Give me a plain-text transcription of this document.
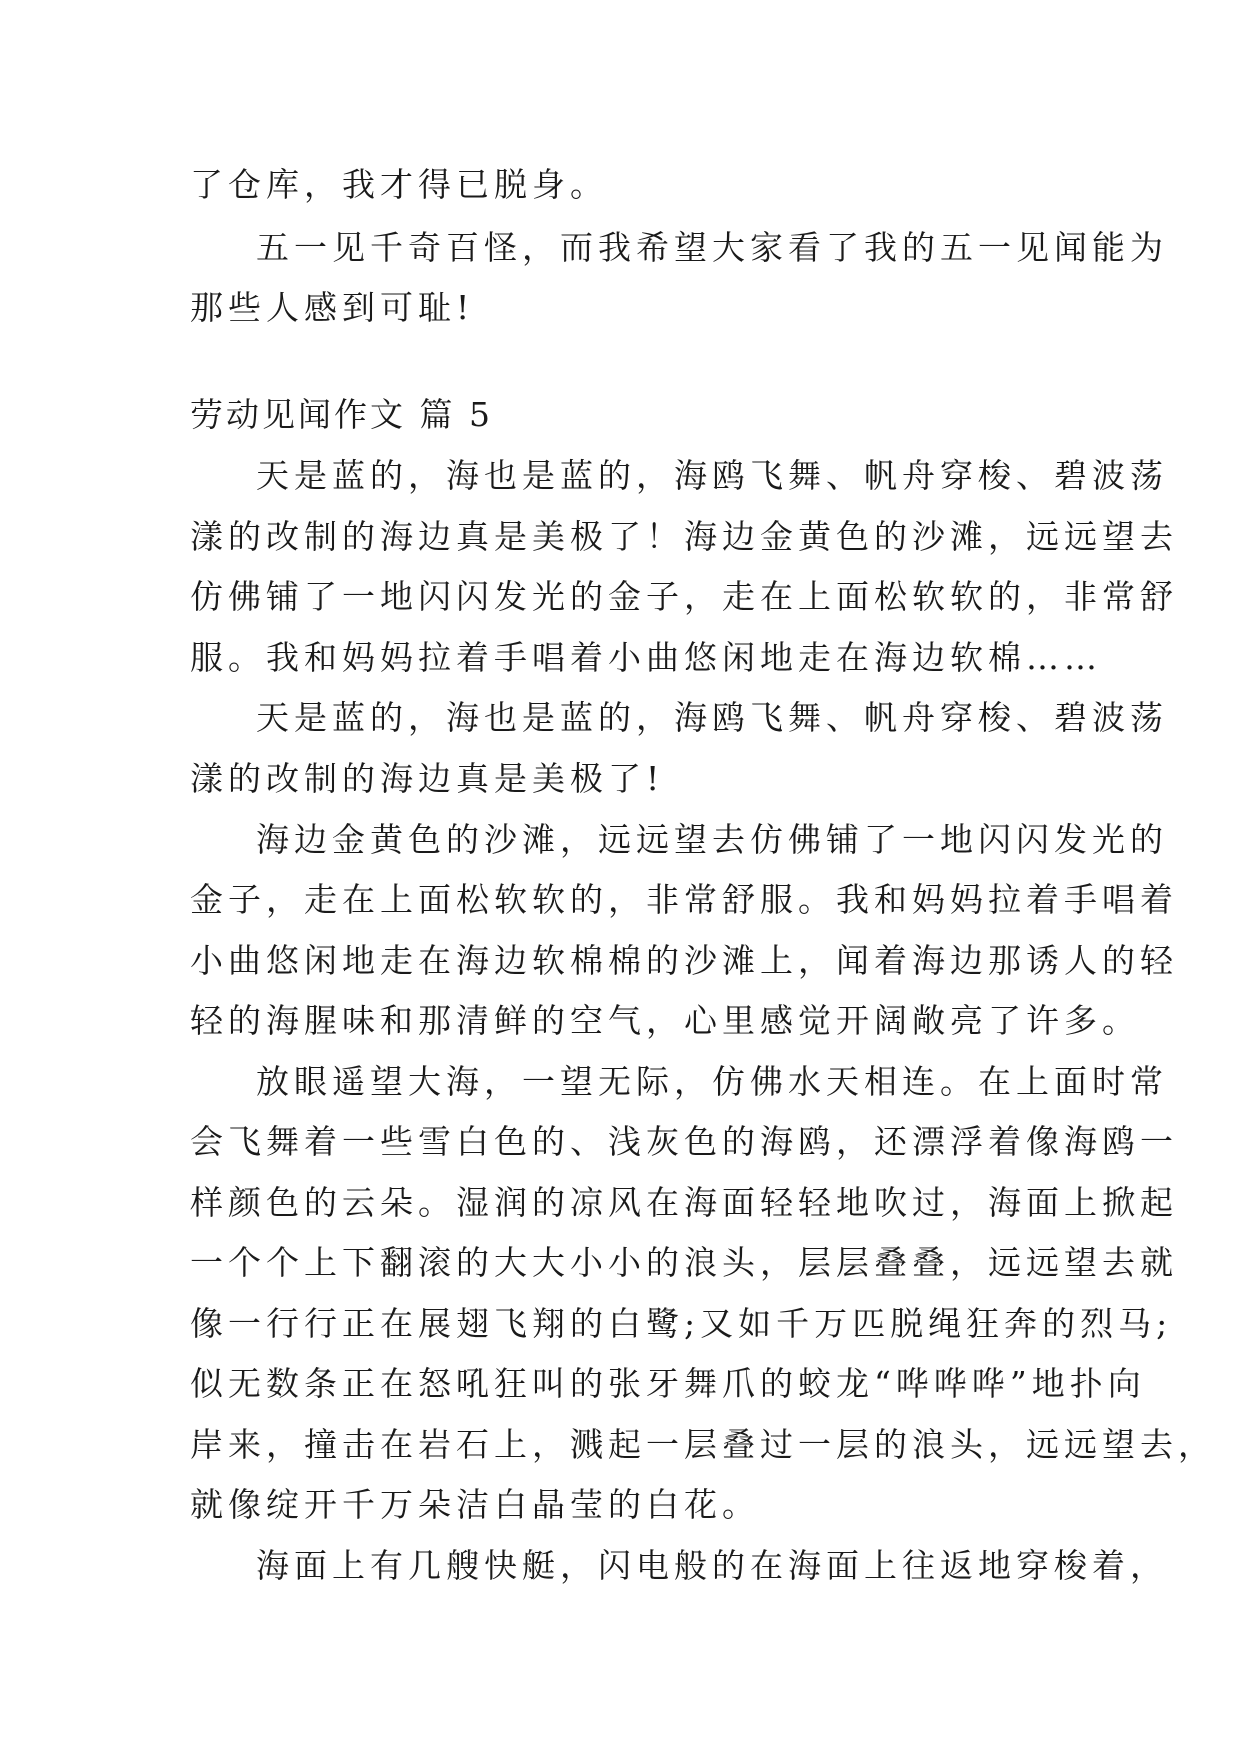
了仓库，我才得已脱身。
五一见千奇百怪，而我希望大家看了我的五一见闻能为
那些人感到可耻!
劳动见闻作文 篇 5
天是蓝的，海也是蓝的，海鸥飞舞、帆舟穿梭、碧波荡
漾的改制的海边真是美极了！海边金黄色的沙滩，远远望去
仿佛铺了一地闪闪发光的金子，走在上面松软软的，非常舒
服。我和妈妈拉着手唱着小曲悠闲地走在海边软棉……
天是蓝的，海也是蓝的，海鸥飞舞、帆舟穿梭、碧波荡
漾的改制的海边真是美极了!
海边金黄色的沙滩，远远望去仿佛铺了一地闪闪发光的
金子，走在上面松软软的，非常舒服。我和妈妈拉着手唱着
小曲悠闲地走在海边软棉棉的沙滩上，闻着海边那诱人的轻
轻的海腥味和那清鲜的空气，心里感觉开阔敞亮了许多。
放眼遥望大海，一望无际，仿佛水天相连。在上面时常
会飞舞着一些雪白色的、浅灰色的海鸥，还漂浮着像海鸥一
样颜色的云朵。湿润的凉风在海面轻轻地吹过，海面上掀起
一个个上下翻滚的大大小小的浪头，层层叠叠，远远望去就
像一行行正在展翅飞翔的白鹭;又如千万匹脱绳狂奔的烈马;
似无数条正在怒吼狂叫的张牙舞爪的蛟龙“哗哗哗”地扑向
岸来，撞击在岩石上，溅起一层叠过一层的浪头，远远望去，
就像绽开千万朵洁白晶莹的白花。
海面上有几艘快艇，闪电般的在海面上往返地穿梭着，
